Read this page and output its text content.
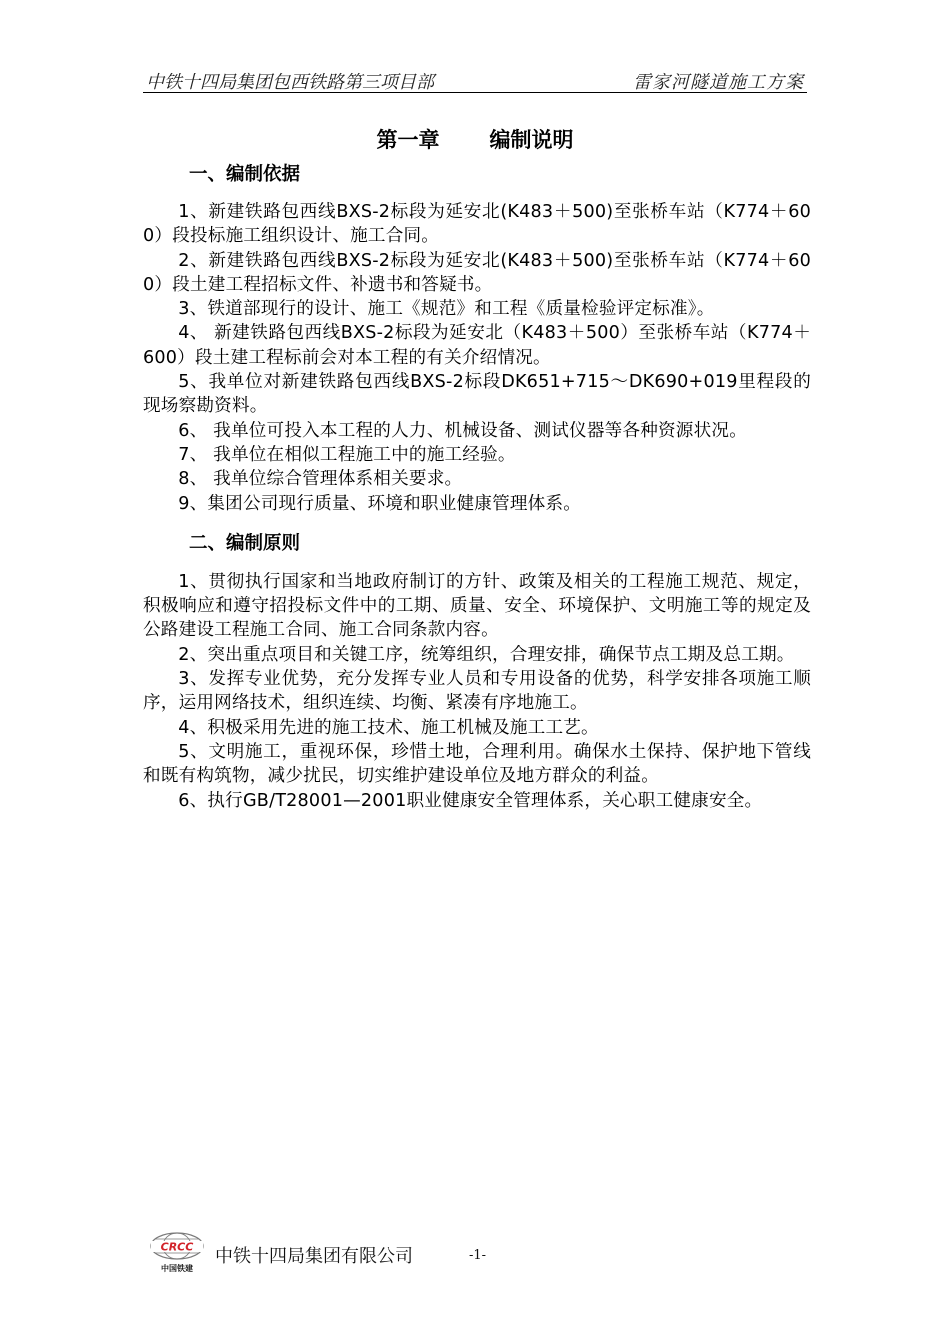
中铁十四局集团包西铁路第三项目部	雷家河隧道施工方案
第一章 编制说明
一、编制依据

1、新建铁路包西线BXS-2标段为延安北(K483＋500)至张桥车站（K774＋600）段投标施工组织设计、施工合同。

2、新建铁路包西线BXS-2标段为延安北(K483＋500)至张桥车站（K774＋600）段土建工程招标文件、补遗书和答疑书。

3、铁道部现行的设计、施工《规范》和工程《质量检验评定标准》。

4、 新建铁路包西线BXS-2标段为延安北（K483＋500）至张桥车站（K774＋600）段土建工程标前会对本工程的有关介绍情况。

5、我单位对新建铁路包西线BXS-2标段DK651+715～DK690+019里程段的现场察勘资料。

6、 我单位可投入本工程的人力、机械设备、测试仪器等各种资源状况。

7、 我单位在相似工程施工中的施工经验。

8、 我单位综合管理体系相关要求。

9、集团公司现行质量、环境和职业健康管理体系。

二、编制原则

1、贯彻执行国家和当地政府制订的方针、政策及相关的工程施工规范、规定，积极响应和遵守招投标文件中的工期、质量、安全、环境保护、文明施工等的规定及公路建设工程施工合同、施工合同条款内容。

2、突出重点项目和关键工序，统筹组织，合理安排，确保节点工期及总工期。

3、发挥专业优势，充分发挥专业人员和专用设备的优势，科学安排各项施工顺序，运用网络技术，组织连续、均衡、紧凑有序地施工。

4、积极采用先进的施工技术、施工机械及施工工艺。

5、文明施工，重视环保，珍惜土地，合理利用。确保水土保持、保护地下管线和既有构筑物，减少扰民，切实维护建设单位及地方群众的利益。

6、执行GB/T28001—2001职业健康安全管理体系，关心职工健康安全。

CRCC
中国铁建
中铁十四局集团有限公司	-1-
